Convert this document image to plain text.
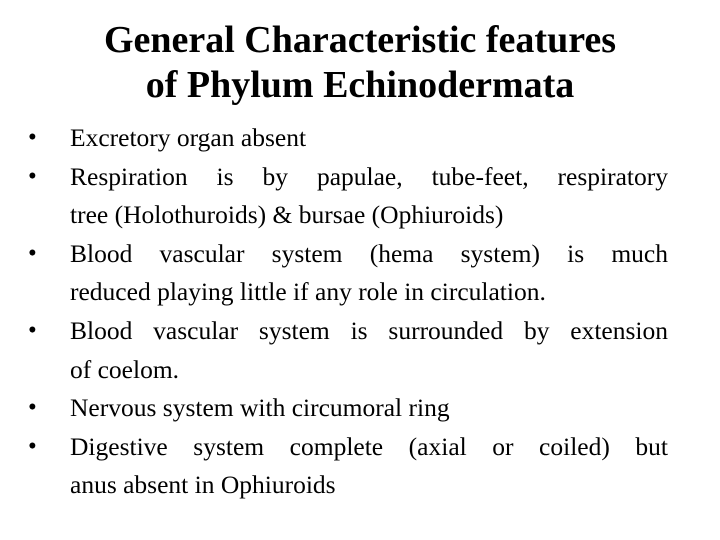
General Characteristic features
of Phylum Echinodermata
• Excretory organ absent
• Respiration is by papulae, tube-feet, respiratory
tree (Holothuroids) & bursae (Ophiuroids)
• Blood vascular system (hema system) is much
reduced playing little if any role in circulation.
• Blood vascular system is surrounded by extension
of coelom.
• Nervous system with circumoral ring
• Digestive system complete (axial or coiled) but
anus absent in Ophiuroids
